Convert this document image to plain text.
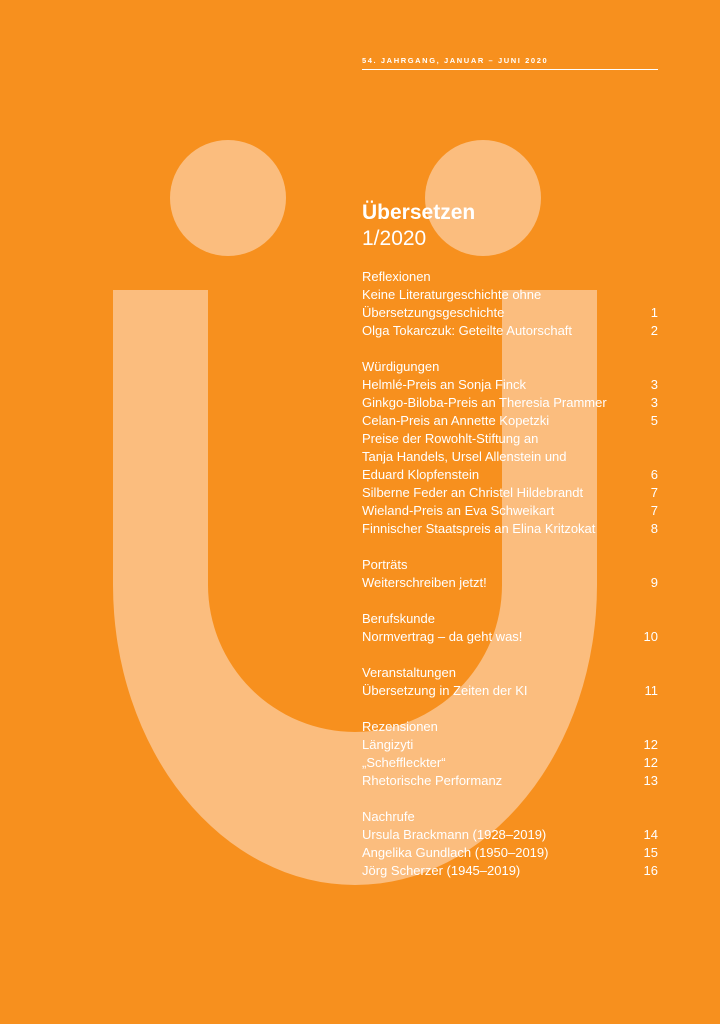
54. JAHRGANG, JANUAR – JUNI 2020
Übersetzen
1/2020
Reflexionen
Keine Literaturgeschichte ohne
Übersetzungsgeschichte	1
Olga Tokarczuk: Geteilte Autorschaft	2
Würdigungen
Helmlé-Preis an Sonja Finck	3
Ginkgo-Biloba-Preis an Theresia Prammer	3
Celan-Preis an Annette Kopetzki	5
Preise der Rowohlt-Stiftung an
Tanja Handels, Ursel Allenstein und
Eduard Klopfenstein	6
Silberne Feder an Christel Hildebrandt	7
Wieland-Preis an Eva Schweikart	7
Finnischer Staatspreis an Elina Kritzokat	8
Porträts
Weiterschreiben jetzt!	9
Berufskunde
Normvertrag – da geht was!	10
Veranstaltungen
Übersetzung in Zeiten der KI	11
Rezensionen
Längizyti	12
„Scheffleckter“	12
Rhetorische Performanz	13
Nachrufe
Ursula Brackmann (1928–2019)	14
Angelika Gundlach (1950–2019)	15
Jörg Scherzer (1945–2019)	16
